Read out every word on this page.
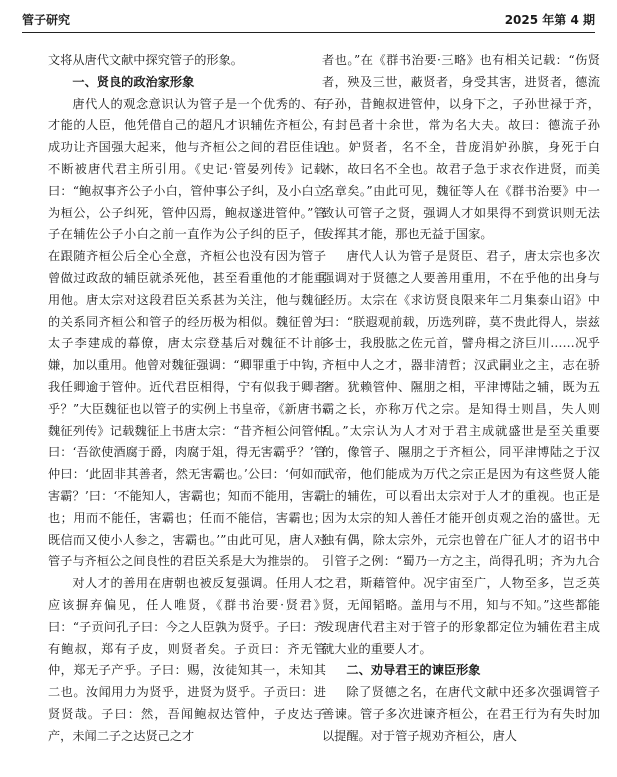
管子研究	2025 年第 4 期

文将从唐代文献中探究管子的形象。

一、贤良的政治家形象

唐代人的观念意识认为管子是一个优秀的、有才能的人臣，他凭借自己的超凡才识辅佐齐桓公，成功让齐国强大起来，他与齐桓公之间的君臣佳话不断被唐代君主所引用。《史记·管晏列传》记载曰：“鲍叔事齐公子小白，管仲事公子纠，及小白立为桓公，公子纠死，管仲囚焉，鲍叔遂进管仲。”管子在辅佐公子小白之前一直作为公子纠的臣子，但在跟随齐桓公后全心全意，齐桓公也没有因为管子曾做过政敌的辅臣就杀死他，甚至看重他的才能重用他。唐太宗对这段君臣关系甚为关注，他与魏征的关系同齐桓公和管子的经历极为相似。魏征曾为太子李建成的幕僚，唐太宗登基后对魏征不计前嫌，加以重用。他曾对魏征强调：“卿罪重于中钩，我任卿逾于管仲。近代君臣相得，宁有似我于卿者乎？”大臣魏征也以管子的实例上书皇帝，《新唐书·魏征列传》记载魏征上书唐太宗：“昔齐桓公问管仲曰：‘吾欲使酒腐于爵，肉腐于俎，得无害霸乎？’管仲曰：‘此固非其善者，然无害霸也。’公曰：‘何如而害霸？’曰：‘不能知人，害霸也；知而不能用，害霸也；用而不能任，害霸也；任而不能信，害霸也；既信而又使小人参之，害霸也。’”由此可见，唐人对管子与齐桓公之间良性的君臣关系是大为推崇的。

对人才的善用在唐朝也被反复强调。任用人才应该摒弃偏见，任人唯贤，《群书治要·贤君》曰：“子贡问孔子曰：今之人臣孰为贤乎。子曰：齐有鲍叔，郑有子皮，则贤者矣。子贡曰：齐无管仲，郑无子产乎。子曰：赐，汝徒知其一，未知其二也。汝闻用力为贤乎，进贤为贤乎。子贡曰：进贤贤哉。子曰：然，吾闻鲍叔达管仲，子皮达子产，未闻二子之达贤己之才

者也。”在《群书治要·三略》也有相关记载：“伤贤者，殃及三世，蔽贤者，身受其害，进贤者，德流子孙，昔鲍叔进管仲，以身下之，子孙世禄于齐，有封邑者十余世，常为名大夫。故曰：德流子孙也。妒贤者，名不全，昔庞涓妒孙膑，身死于白木，故曰名不全也。故君子急于求衣作进贤，而美名章矣。”由此可见，魏征等人在《群书治要》中一致认可管子之贤，强调人才如果得不到赏识则无法发挥其才能，那也无益于国家。

唐代人认为管子是贤臣、君子，唐太宗也多次强调对于贤德之人要善用重用，不在乎他的出身与经历。太宗在《求访贤良限来年二月集泰山诏》中曰：“朕遐观前载，历选列辟，莫不贵此得人，崇兹多士，我殷肱之佐元首，譬舟楫之济巨川……况乎齐桓中人之才，器非清哲；汉武嗣业之主，志在骄奢。犹赖管仲、隰朋之相，平津博陆之辅，既为五霸之长，亦称万代之宗。是知得士则昌，失人则乱。”太宗认为人才对于君主成就盛世是至关重要的，像管子、隰朋之于齐桓公，同平津博陆之于汉武帝，他们能成为万代之宗正是因为有这些贤人能士的辅佐，可以看出太宗对于人才的重视。也正是因为太宗的知人善任才能开创贞观之治的盛世。无独有偶，除太宗外，元宗也曾在广征人才的诏书中引管子之例：“蜀乃一方之主，尚得孔明；齐为九合之君，斯藉管仲。况宇宙至广，人物至多，岂乏英贤，无闻韬略。盖用与不用，知与不知。”这些都能发现唐代君主对于管子的形象都定位为辅佐君主成就大业的重要人才。

二、劝导君王的谏臣形象

除了贤德之名，在唐代文献中还多次强调管子善谏。管子多次进谏齐桓公，在君王行为有失时加以提醒。对于管子规劝齐桓公，唐人
